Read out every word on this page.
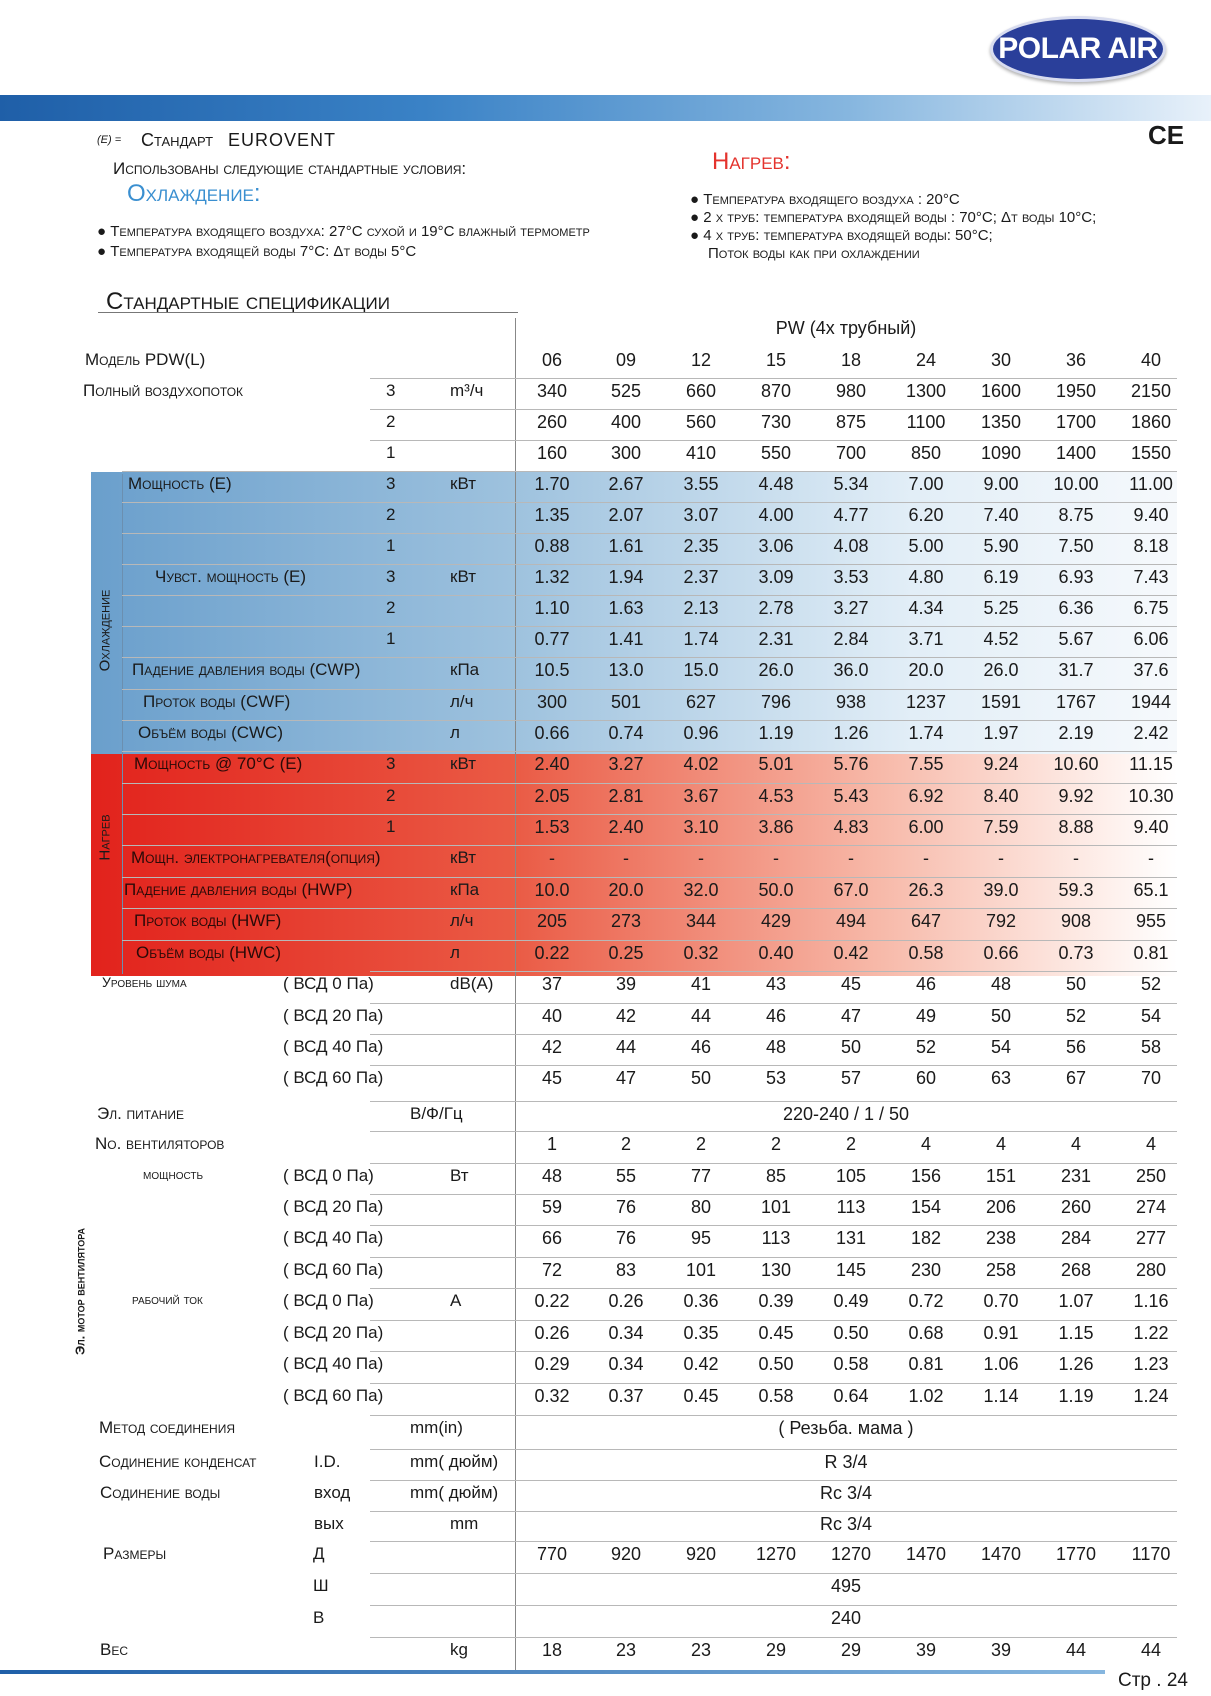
POLAR AIR
CE
(E) = Стандарт EUROVENT
Использованы следующие стандартные условия:
Охлаждение:
● Температура входящего воздуха: 27°C сухой и 19°C влажный термометр
● Температура входящей воды 7°C: Δt воды 5°C
Нагрев:
● Температура входящего воздуха : 20°C
● 2 х труб: температура входящей воды : 70°C; Δt воды 10°C;
● 4 х труб: температура входящей воды: 50°C;
Поток воды как при охлаждении
Стандартные спецификации
Охлаждение
Нагрев
Эл. мотор вентилятора
PW (4х трубный)
Модель PDW(L)	06	09	12	15	18	24	30	36	40
Полный воздухопоток	3	m³/ч	340	525	660	870	980	1300	1600	1950	2150
2	260	400	560	730	875	1100	1350	1700	1860
1	160	300	410	550	700	850	1090	1400	1550
Мощность (E)	3	кВт	1.70	2.67	3.55	4.48	5.34	7.00	9.00	10.00	11.00
2	1.35	2.07	3.07	4.00	4.77	6.20	7.40	8.75	9.40
1	0.88	1.61	2.35	3.06	4.08	5.00	5.90	7.50	8.18
Чувст. мощность (E)	3	кВт	1.32	1.94	2.37	3.09	3.53	4.80	6.19	6.93	7.43
2	1.10	1.63	2.13	2.78	3.27	4.34	5.25	6.36	6.75
1	0.77	1.41	1.74	2.31	2.84	3.71	4.52	5.67	6.06
Падение давления воды (CWP)	кПа	10.5	13.0	15.0	26.0	36.0	20.0	26.0	31.7	37.6
Проток воды (CWF)	л/ч	300	501	627	796	938	1237	1591	1767	1944
Объём воды (CWC)	л	0.66	0.74	0.96	1.19	1.26	1.74	1.97	2.19	2.42
Мощность @ 70°C (E)	3	кВт	2.40	3.27	4.02	5.01	5.76	7.55	9.24	10.60	11.15
2	2.05	2.81	3.67	4.53	5.43	6.92	8.40	9.92	10.30
1	1.53	2.40	3.10	3.86	4.83	6.00	7.59	8.88	9.40
Мощн. электронагревателя(опция)	кВт	-	-	-	-	-	-	-	-	-
Падение давления воды (HWP)	кПа	10.0	20.0	32.0	50.0	67.0	26.3	39.0	59.3	65.1
Проток воды (HWF)	л/ч	205	273	344	429	494	647	792	908	955
Объём воды (HWC)	л	0.22	0.25	0.32	0.40	0.42	0.58	0.66	0.73	0.81
Уровень шума	( ВСД 0 Па)	dB(A)	37	39	41	43	45	46	48	50	52
( ВСД 20 Па)	40	42	44	46	47	49	50	52	54
( ВСД 40 Па)	42	44	46	48	50	52	54	56	58
( ВСД 60 Па)	45	47	50	53	57	60	63	67	70
Эл. питание	В/Ф/Гц	220-240 / 1 / 50
No. вентиляторов	1	2	2	2	2	4	4	4	4
мощность	( ВСД 0 Па)	Вт	48	55	77	85	105	156	151	231	250
( ВСД 20 Па)	59	76	80	101	113	154	206	260	274
( ВСД 40 Па)	66	76	95	113	131	182	238	284	277
( ВСД 60 Па)	72	83	101	130	145	230	258	268	280
рабочий ток	( ВСД 0 Па)	A	0.22	0.26	0.36	0.39	0.49	0.72	0.70	1.07	1.16
( ВСД 20 Па)	0.26	0.34	0.35	0.45	0.50	0.68	0.91	1.15	1.22
( ВСД 40 Па)	0.29	0.34	0.42	0.50	0.58	0.81	1.06	1.26	1.23
( ВСД 60 Па)	0.32	0.37	0.45	0.58	0.64	1.02	1.14	1.19	1.24
Метод соединения	mm(in)	( Резьба. мама )
Сoдинение конденсат	I.D.	mm( дюйм)	R 3/4
Содинение воды	вход	mm( дюйм)	Rc 3/4
вых	mm	Rc 3/4
Размеры	Д	770	920	920	1270	1270	1470	1470	1770	1170
Ш	495
В	240
Вес	kg	18	23	23	29	29	39	39	44	44
Стр . 24
